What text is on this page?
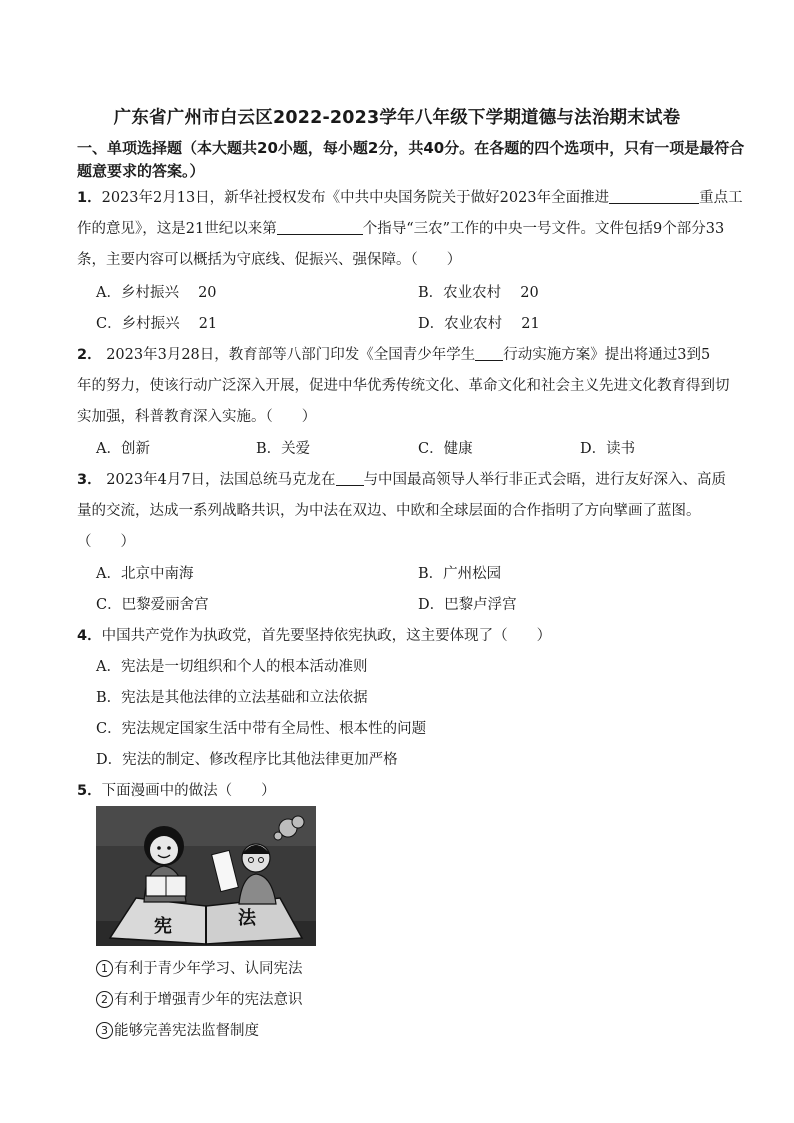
广东省广州市白云区2022-2023学年八年级下学期道德与法治期末试卷
一、单项选择题（本大题共20小题，每小题2分，共40分。在各题的四个选项中，只有一项是最符合题意要求的答案。）
1．2023年2月13日，新华社授权发布《中共中央国务院关于做好2023年全面推进	重点工
作的意见》，这是21世纪以来第	个指导“三农”工作的中央一号文件。文件包括9个部分33
条，主要内容可以概括为守底线、促振兴、强保障。（　　）
A．乡村振兴　 20	B．农业农村　 20
C．乡村振兴　 21	D．农业农村　 21
2． 2023年3月28日，教育部等八部门印发《全国青少年学生 行动实施方案》提出将通过3到5
年的努力，使该行动广泛深入开展，促进中华优秀传统文化、革命文化和社会主义先进文化教育得到切
实加强，科普教育深入实施。（　　）
A．创新	B．关爱	C．健康	D．读书
3． 2023年4月7日，法国总统马克龙在 与中国最高领导人举行非正式会晤，进行友好深入、高质
量的交流，达成一系列战略共识，为中法在双边、中欧和全球层面的合作指明了方向擘画了蓝图。
（　　）
A．北京中南海	B．广州松园
C．巴黎爱丽舍宫	D．巴黎卢浮宫
4．中国共产党作为执政党，首先要坚持依宪执政，这主要体现了（　　）
A．宪法是一切组织和个人的根本活动准则
B．宪法是其他法律的立法基础和立法依据
C．宪法规定国家生活中带有全局性、根本性的问题
D．宪法的制定、修改程序比其他法律更加严格
5．下面漫画中的做法（　　）
宪	法
1 有利于青少年学习、认同宪法
2 有利于增强青少年的宪法意识
3 能够完善宪法监督制度
